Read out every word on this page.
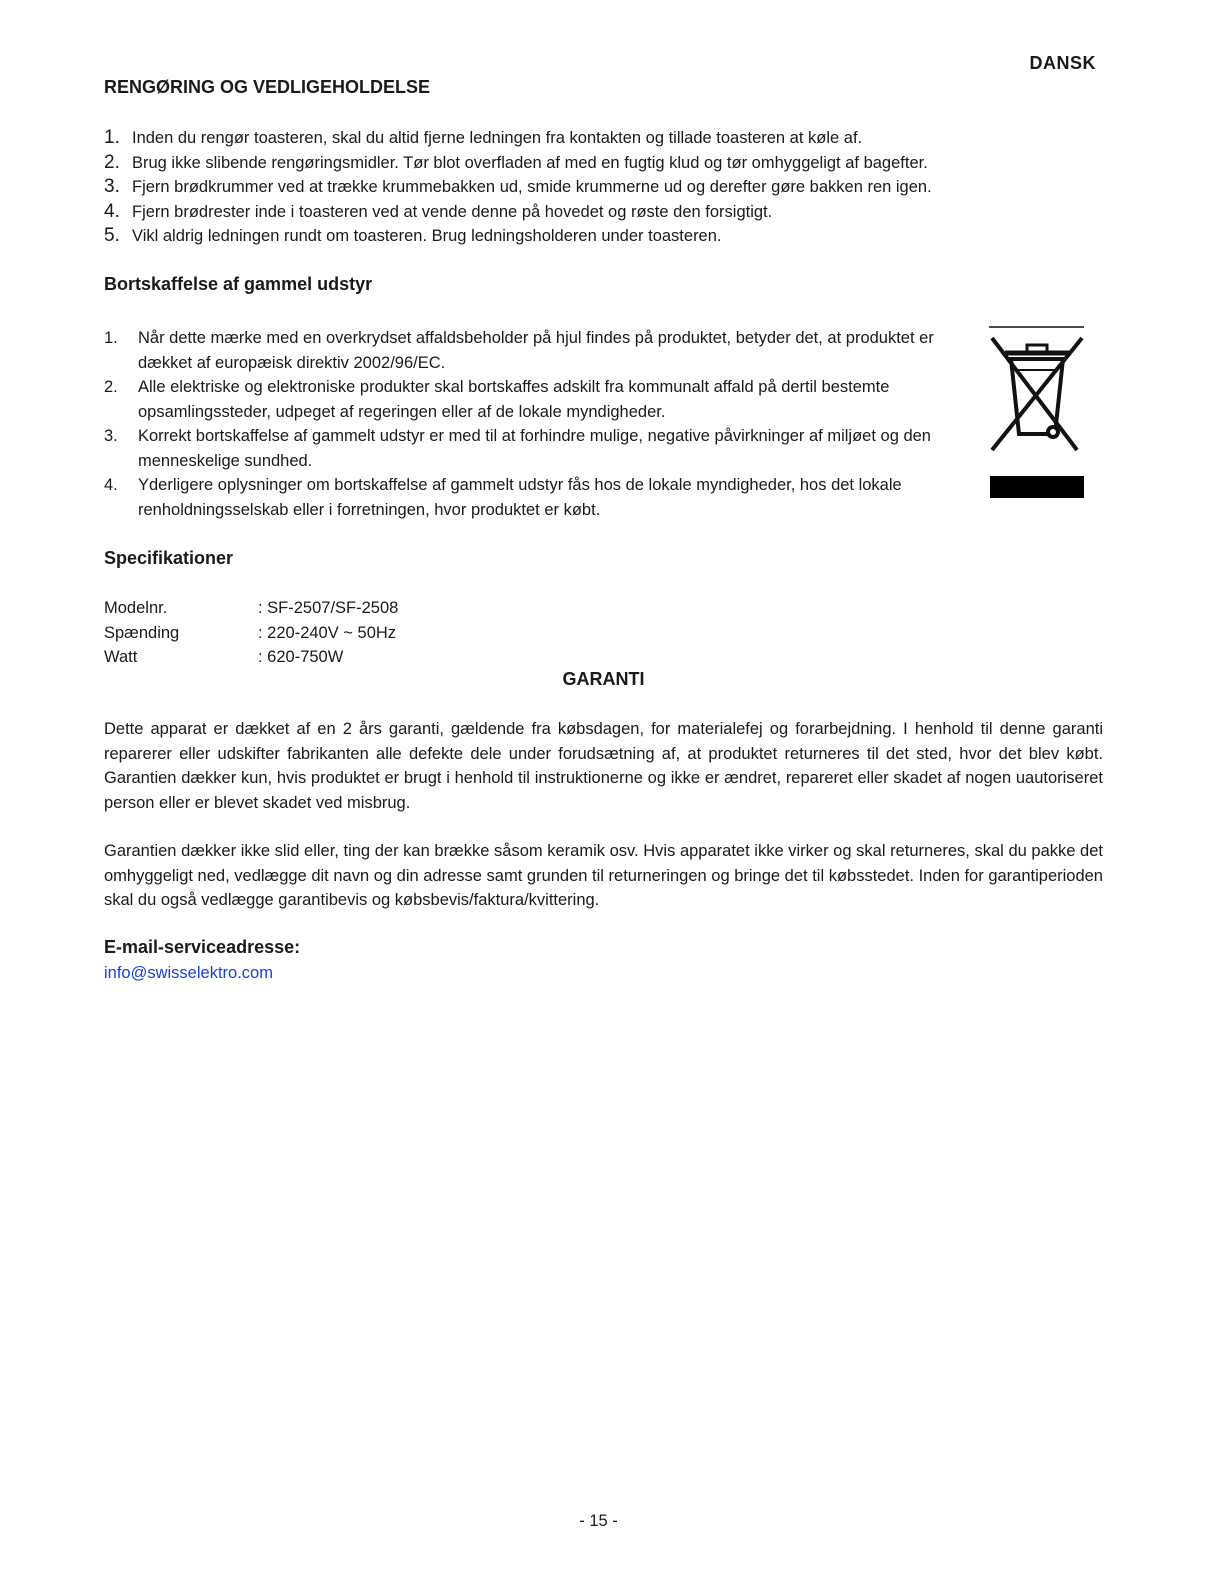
DANSK
RENGØRING OG VEDLIGEHOLDELSE
1. Inden du rengør toasteren, skal du altid fjerne ledningen fra kontakten og tillade toasteren at køle af.
2. Brug ikke slibende rengøringsmidler. Tør blot overfladen af med en fugtig klud og tør omhyggeligt af bagefter.
3. Fjern brødkrummer ved at trække krummebakken ud, smide krummerne ud og derefter gøre bakken ren igen.
4. Fjern brødrester inde i toasteren ved at vende denne på hovedet og røste den forsigtigt.
5. Vikl aldrig ledningen rundt om toasteren. Brug ledningsholderen under toasteren.
Bortskaffelse af gammel udstyr
1. Når dette mærke med en overkrydset affaldsbeholder på hjul findes på produktet, betyder det, at produktet er dækket af europæisk direktiv 2002/96/EC.
2. Alle elektriske og elektroniske produkter skal bortskaffes adskilt fra kommunalt affald på dertil bestemte opsamlingssteder, udpeget af regeringen eller af de lokale myndigheder.
3. Korrekt bortskaffelse af gammelt udstyr er med til at forhindre mulige, negative påvirkninger af miljøet og den menneskelige sundhed.
4. Yderligere oplysninger om bortskaffelse af gammelt udstyr fås hos de lokale myndigheder, hos det lokale renholdningsselskab eller i forretningen, hvor produktet er købt.
Specifikationer
Modelnr.	: SF-2507/SF-2508
Spænding	: 220-240V ~ 50Hz
Watt	: 620-750W
GARANTI

Dette apparat er dækket af en 2 års garanti, gældende fra købsdagen, for materialefej og forarbejdning. I henhold til denne garanti reparerer eller udskifter fabrikanten alle defekte dele under forudsætning af, at produktet returneres til det sted, hvor det blev købt. Garantien dækker kun, hvis produktet er brugt i henhold til instruktionerne og ikke er ændret, repareret eller skadet af nogen uautoriseret person eller er blevet skadet ved misbrug.

Garantien dækker ikke slid eller, ting der kan brække såsom keramik osv. Hvis apparatet ikke virker og skal returneres, skal du pakke det omhyggeligt ned, vedlægge dit navn og din adresse samt grunden til returneringen og bringe det til købsstedet. Inden for garantiperioden skal du også vedlægge garantibevis og købsbevis/faktura/kvittering.

E-mail-serviceadresse:
info@swisselektro.com
- 15 -
